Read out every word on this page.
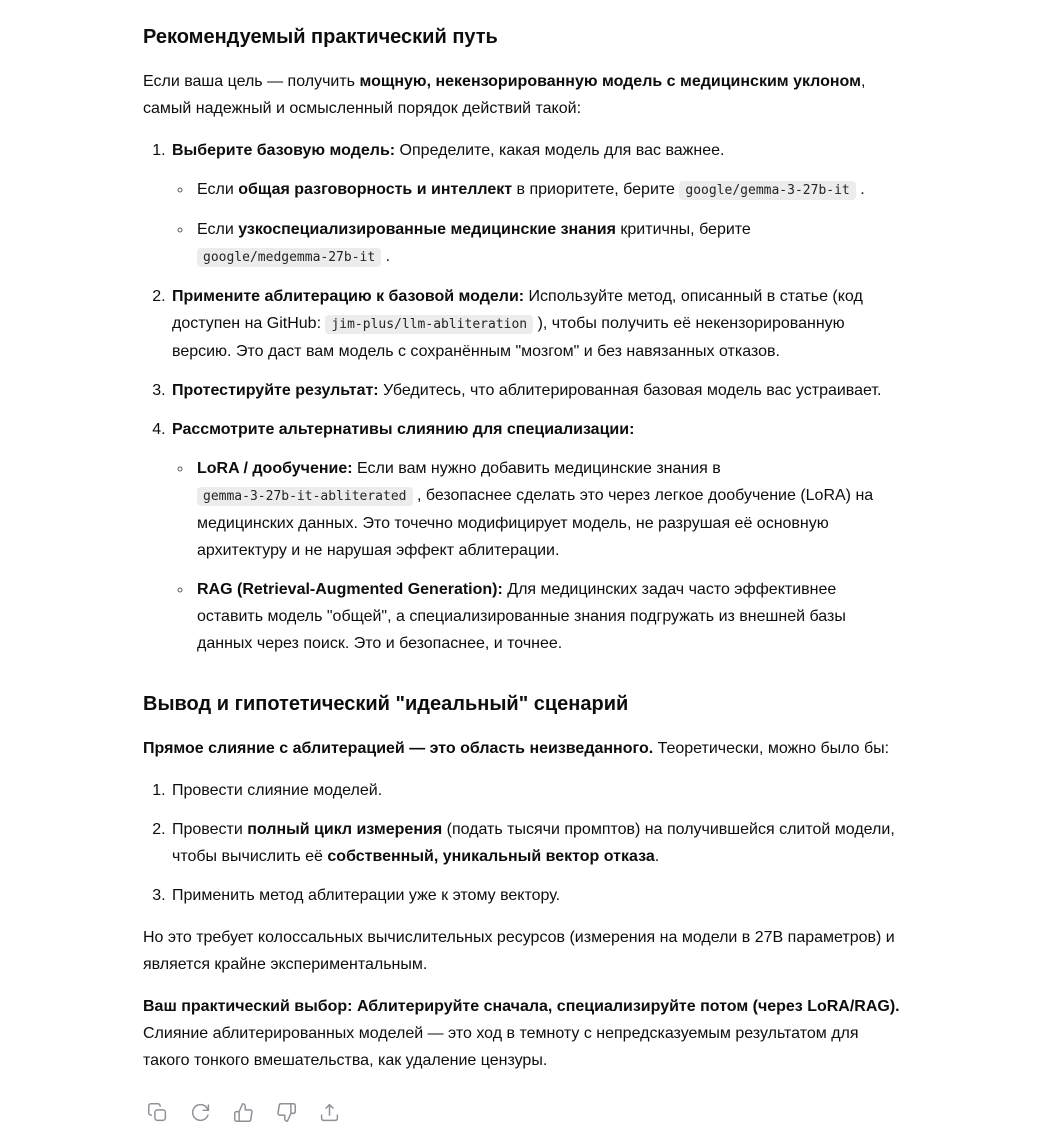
Рекомендуемый практический путь

Если ваша цель — получить мощную, некензорированную модель с медицинским уклоном, самый надежный и осмысленный порядок действий такой:

1. Выберите базовую модель: Определите, какая модель для вас важнее.
◦ Если общая разговорность и интеллект в приоритете, берите google/gemma-3-27b-it .
◦ Если узкоспециализированные медицинские знания критичны, берите google/medgemma-27b-it .
2. Примените аблитерацию к базовой модели: Используйте метод, описанный в статье (код доступен на GitHub: jim-plus/llm-abliteration ), чтобы получить её некензорированную версию. Это даст вам модель с сохранённым "мозгом" и без навязанных отказов.
3. Протестируйте результат: Убедитесь, что аблитерированная базовая модель вас устраивает.
4. Рассмотрите альтернативы слиянию для специализации:
◦ LoRA / дообучение: Если вам нужно добавить медицинские знания в gemma-3-27b-it-abliterated , безопаснее сделать это через легкое дообучение (LoRA) на медицинских данных. Это точечно модифицирует модель, не разрушая её основную архитектуру и не нарушая эффект аблитерации.
◦ RAG (Retrieval-Augmented Generation): Для медицинских задач часто эффективнее оставить модель "общей", а специализированные знания подгружать из внешней базы данных через поиск. Это и безопаснее, и точнее.
Вывод и гипотетический "идеальный" сценарий

Прямое слияние с аблитерацией — это область неизведанного. Теоретически, можно было бы:

1. Провести слияние моделей.
2. Провести полный цикл измерения (подать тысячи промптов) на получившейся слитой модели, чтобы вычислить её собственный, уникальный вектор отказа.
3. Применить метод аблитерации уже к этому вектору.

Но это требует колоссальных вычислительных ресурсов (измерения на модели в 27B параметров) и является крайне экспериментальным.

Ваш практический выбор: Аблитерируйте сначала, специализируйте потом (через LoRA/RAG). Слияние аблитерированных моделей — это ход в темноту с непредсказуемым результатом для такого тонкого вмешательства, как удаление цензуры.
